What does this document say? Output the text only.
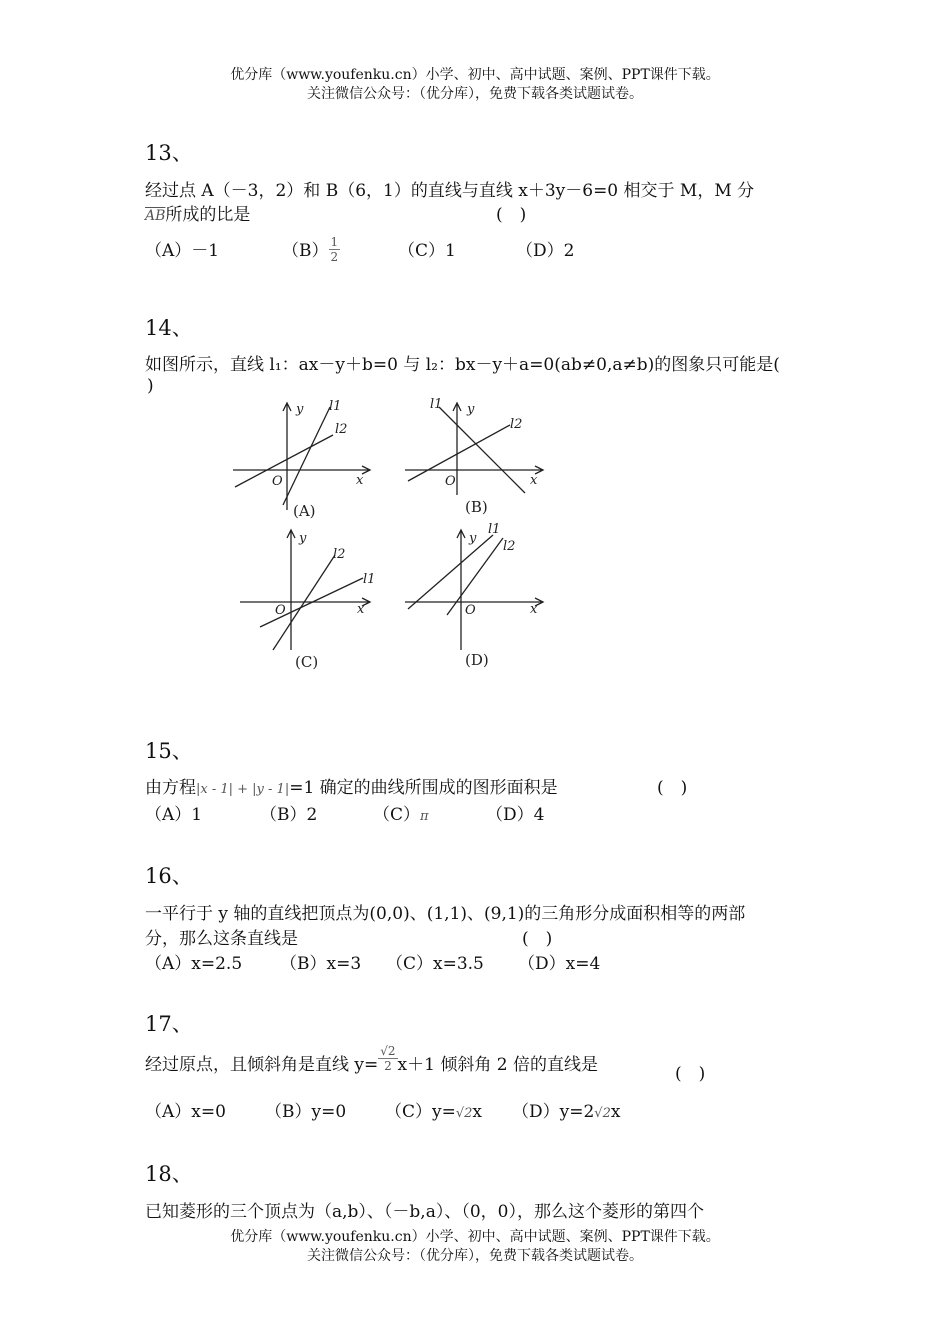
优分库（www.youfenku.cn）小学、初中、高中试题、案例、PPT课件下载。
关注微信公众号：（优分库），免费下载各类试题试卷。
13、
经过点 A（－3，2）和 B（6，1）的直线与直线 x＋3y－6=0 相交于 M，M 分
$\overline{AB}$所成的比是	(　)
（A）－1	$(B) \frac{1}{2}$	（C）1	（D）2
14、
如图所示，直线 l₁：ax－y＋b=0 与 l₂：bx－y＋a=0(ab≠0,a≠b)的图象只可能是(
)
y
x
O
l1
l2
y
x
O
l1
l2
y
x
O
l2
l1
y
x
O
l1
l2
(A)	(B)
(C)	(D)
15、
由方程|x - 1| + |y - 1|=1 确定的曲线所围成的图形面积是	(　)
（A）1	（B）2	（C）π	（D）4
16、
一平行于 y 轴的直线把顶点为(0,0)、(1,1)、(9,1)的三角形分成面积相等的两部
分，那么这条直线是	(　)
（A）x=2.5 （B）x=3 （C）x=3.5 （D）x=4
17、
经过原点，且倾斜角是直线 $y= \frac{√2}{2} x+1$ 倾斜角 2 倍的直线是	(　)
（A）x=0 （B）y=0 （C）y=√2x （D）y=2√2x
18、
已知菱形的三个顶点为（a,b）、（－b,a）、（0，0），那么这个菱形的第四个
优分库（www.youfenku.cn）小学、初中、高中试题、案例、PPT课件下载。
关注微信公众号：（优分库），免费下载各类试题试卷。
